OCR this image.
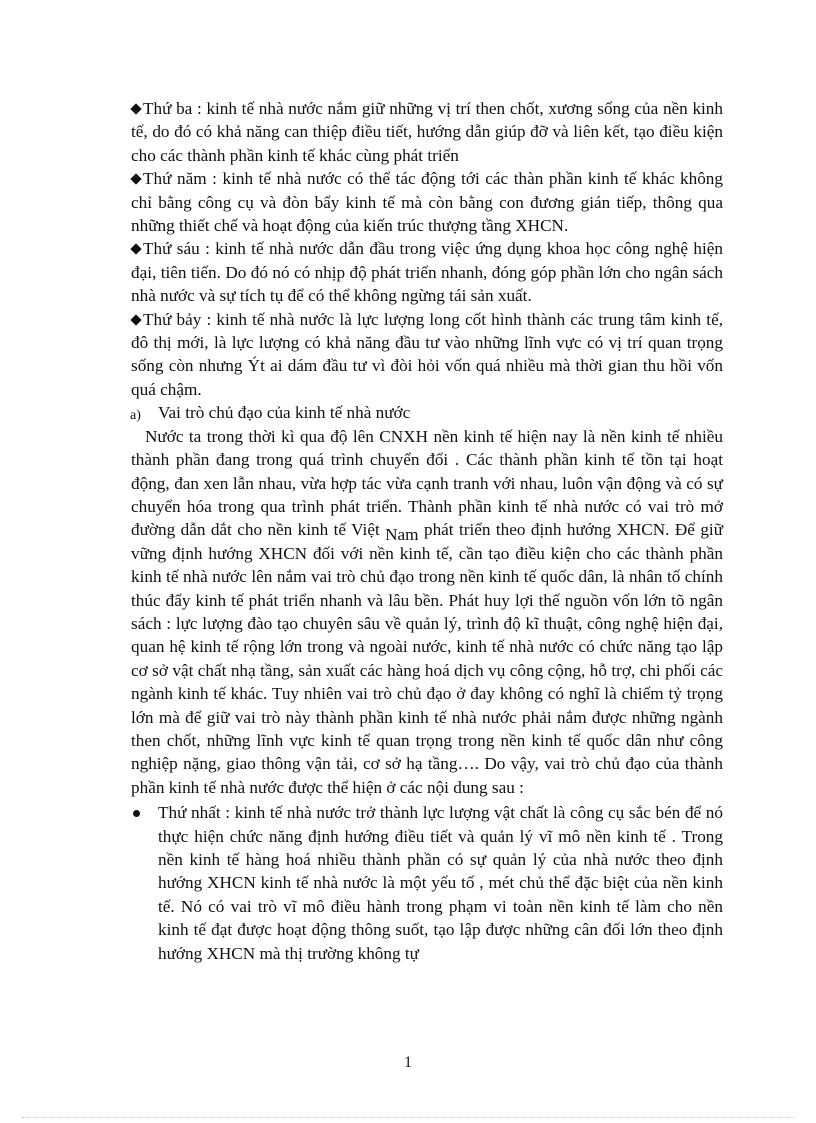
Thứ ba : kinh tế nhà nước nắm giữ những vị trí then chốt, xương sống của nền kinh tế, do đó có khả năng can thiệp điều tiết, hướng dẫn giúp đỡ và liên kết, tạo điều kiện cho các thành phần kinh tế khác cùng phát triển

Thứ năm : kinh tế nhà nước có thể tác động tới các thàn phần kinh tế khác không chỉ bằng công cụ và đòn bẩy kinh tế mà còn bằng con đương gián tiếp, thông qua những thiết chế và hoạt động của kiến trúc thượng tầng XHCN.

Thứ sáu : kinh tế nhà nước dẫn đầu trong việc ứng dụng khoa học công nghệ hiện đại, tiên tiến. Do đó nó có nhịp độ phát triển nhanh, đóng góp phần lớn cho ngân sách nhà nước và sự tích tụ để có thể không ngừng tái sản xuất.

Thứ bảy : kinh tế nhà nước là lực lượng long cốt hình thành các trung tâm kinh tế, đô thị mới, là lực lượng có khả năng đầu tư vào những lĩnh vực có vị trí quan trọng sống còn nhưng Ýt ai dám đầu tư vì đòi hỏi vốn quá nhiều mà thời gian thu hồi vốn quá chậm.

a) Vai trò chủ đạo của kinh tế nhà nước

Nước ta trong thời kì qua độ lên CNXH nền kinh tế hiện nay là nền kinh tế nhiều thành phần đang trong quá trình chuyển đổi . Các thành phần kinh tế tồn tại hoạt động, đan xen lẫn nhau, vừa hợp tác vừa cạnh tranh với nhau, luôn vận động và có sự chuyển hóa trong qua trình phát triển. Thành phần kinh tế nhà nước có vai trò mở đường dẫn dắt cho nền kinh tế Việt Nam phát triển theo định hướng XHCN. Để giữ vững định hướng XHCN đối với nền kinh tế, cần tạo điều kiện cho các thành phần kinh tế nhà nước lên nắm vai trò chủ đạo trong nền kinh tế quốc dân, là nhân tố chính thúc đẩy kinh tế phát triển nhanh và lâu bền. Phát huy lợi thế nguồn vốn lớn tõ ngân sách : lực lượng đào tạo chuyên sâu về quản lý, trình độ kĩ thuật, công nghệ hiện đại, quan hệ kinh tế rộng lớn trong và ngoài nước, kinh tế nhà nước có chức năng tạo lập cơ sở vật chất nhạ tầng, sản xuất các hàng hoá dịch vụ công cộng, hỗ trợ, chi phối các ngành kinh tế khác. Tuy nhiên vai trò chủ đạo ở đay không có nghĩ là chiếm tỷ trọng lớn mà để giữ vai trò này thành phần kinh tế nhà nước phải nắm được những ngành then chốt, những lĩnh vực kinh tế quan trọng trong nền kinh tế quốc dân như công nghiệp nặng, giao thông vận tải, cơ sở hạ tầng…. Do vậy, vai trò chủ đạo của thành phần kinh tế nhà nước được thể hiện ở các nội dung sau :

Thứ nhất : kinh tế nhà nước trở thành lực lượng vật chất là công cụ sắc bén để nó thực hiện chức năng định hướng điều tiết và quản lý vĩ mô nền kinh tế . Trong nền kinh tế hàng hoá nhiều thành phần có sự quản lý của nhà nước theo định hướng XHCN kinh tế nhà nước là một yếu tố , mét chủ thể đặc biệt của nền kinh tế. Nó có vai trò vĩ mô điều hành trong phạm vi toàn nền kinh tế làm cho nền kinh tế đạt được hoạt động thông suốt, tạo lập được những cân đối lớn theo định hướng XHCN mà thị trường không tự

1
